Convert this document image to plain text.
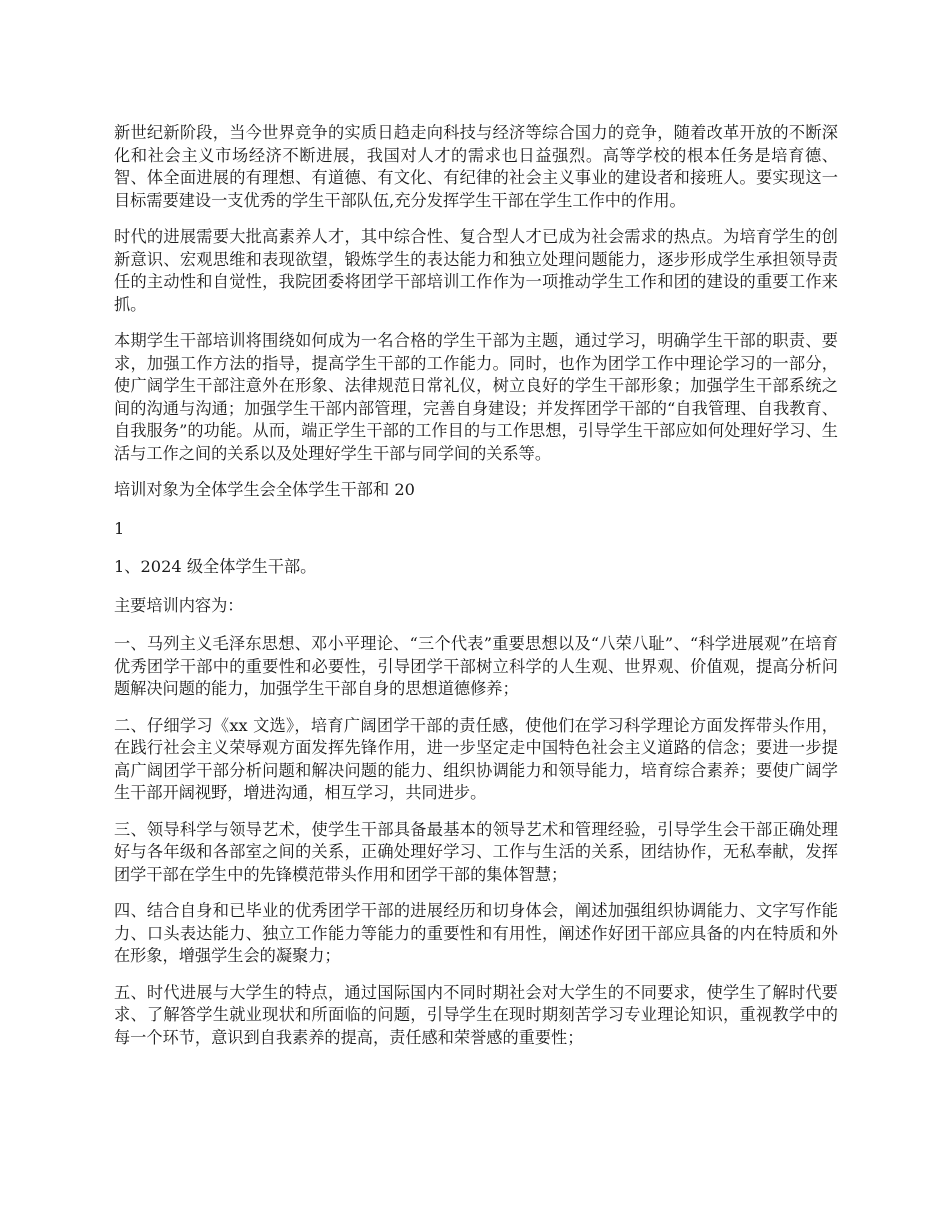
新世纪新阶段，当今世界竞争的实质日趋走向科技与经济等综合国力的竞争，随着改革开放的不断深化和社会主义市场经济不断进展，我国对人才的需求也日益强烈。高等学校的根本任务是培育德、智、体全面进展的有理想、有道德、有文化、有纪律的社会主义事业的建设者和接班人。要实现这一目标需要建设一支优秀的学生干部队伍,充分发挥学生干部在学生工作中的作用。

时代的进展需要大批高素养人才，其中综合性、复合型人才已成为社会需求的热点。为培育学生的创新意识、宏观思维和表现欲望，锻炼学生的表达能力和独立处理问题能力，逐步形成学生承担领导责任的主动性和自觉性，我院团委将团学干部培训工作作为一项推动学生工作和团的建设的重要工作来抓。

本期学生干部培训将围绕如何成为一名合格的学生干部为主题，通过学习，明确学生干部的职责、要求，加强工作方法的指导，提高学生干部的工作能力。同时，也作为团学工作中理论学习的一部分，使广阔学生干部注意外在形象、法律规范日常礼仪，树立良好的学生干部形象；加强学生干部系统之间的沟通与沟通；加强学生干部内部管理，完善自身建设；并发挥团学干部的“自我管理、自我教育、自我服务”的功能。从而，端正学生干部的工作目的与工作思想，引导学生干部应如何处理好学习、生活与工作之间的关系以及处理好学生干部与同学间的关系等。

培训对象为全体学生会全体学生干部和 20

1

1、2024 级全体学生干部。

主要培训内容为：

一、马列主义毛泽东思想、邓小平理论、“三个代表”重要思想以及“八荣八耻”、“科学进展观”在培育优秀团学干部中的重要性和必要性，引导团学干部树立科学的人生观、世界观、价值观，提高分析问题解决问题的能力，加强学生干部自身的思想道德修养；

二、仔细学习《xx 文选》，培育广阔团学干部的责任感，使他们在学习科学理论方面发挥带头作用，在践行社会主义荣辱观方面发挥先锋作用，进一步坚定走中国特色社会主义道路的信念；要进一步提高广阔团学干部分析问题和解决问题的能力、组织协调能力和领导能力，培育综合素养；要使广阔学生干部开阔视野，增进沟通，相互学习，共同进步。

三、领导科学与领导艺术，使学生干部具备最基本的领导艺术和管理经验，引导学生会干部正确处理好与各年级和各部室之间的关系，正确处理好学习、工作与生活的关系，团结协作，无私奉献，发挥团学干部在学生中的先锋模范带头作用和团学干部的集体智慧；

四、结合自身和已毕业的优秀团学干部的进展经历和切身体会，阐述加强组织协调能力、文字写作能力、口头表达能力、独立工作能力等能力的重要性和有用性，阐述作好团干部应具备的内在特质和外在形象，增强学生会的凝聚力；

五、时代进展与大学生的特点，通过国际国内不同时期社会对大学生的不同要求，使学生了解时代要求、了解答学生就业现状和所面临的问题，引导学生在现时期刻苦学习专业理论知识，重视教学中的每一个环节，意识到自我素养的提高，责任感和荣誉感的重要性；
